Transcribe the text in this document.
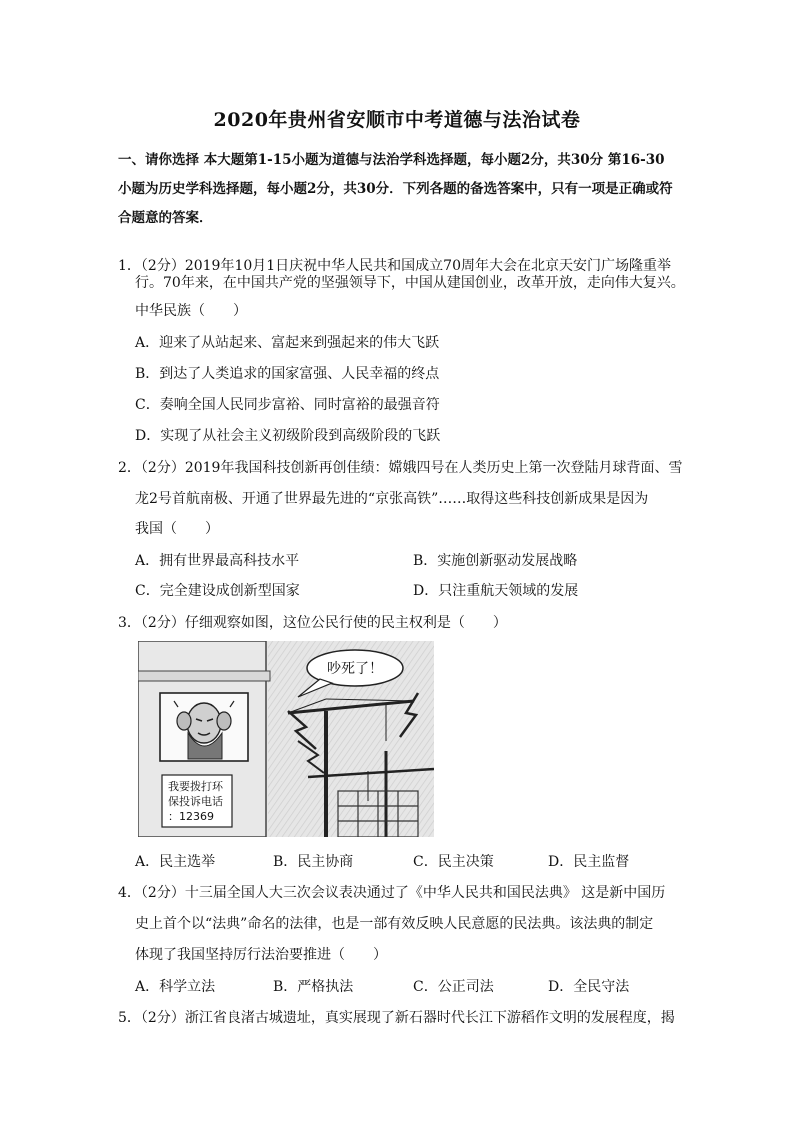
2020年贵州省安顺市中考道德与法治试卷
一、请你选择 本大题第1-15小题为道德与法治学科选择题，每小题2分，共30分 第16-30小题为历史学科选择题，每小题2分，共30分．下列各题的备选答案中，只有一项是正确或符合题意的答案．
1．（2分）2019年10月1日庆祝中华人民共和国成立70周年大会在北京天安门广场隆重举
行。70年来，在中国共产党的坚强领导下，中国从建国创业，改革开放，走向伟大复兴。
中华民族（　　）
A．迎来了从站起来、富起来到强起来的伟大飞跃
B．到达了人类追求的国家富强、人民幸福的终点
C．奏响全国人民同步富裕、同时富裕的最强音符
D．实现了从社会主义初级阶段到高级阶段的飞跃
2．（2分）2019年我国科技创新再创佳绩：嫦娥四号在人类历史上第一次登陆月球背面、雪
龙2号首航南极、开通了世界最先进的“京张高铁”……取得这些科技创新成果是因为
我国（　　）
A．拥有世界最高科技水平	B．实施创新驱动发展战略
C．完全建设成创新型国家	D．只注重航天领域的发展
3．（2分）仔细观察如图，这位公民行使的民主权利是（　　）
我要拨打环
保投诉电话
：12369
吵死了！
A．民主选举	B．民主协商	C．民主决策	D．民主监督
4．（2分）十三届全国人大三次会议表决通过了《中华人民共和国民法典》 这是新中国历
史上首个以“法典”命名的法律，也是一部有效反映人民意愿的民法典。该法典的制定
体现了我国坚持厉行法治要推进（　　）
A．科学立法	B．严格执法	C．公正司法	D．全民守法
5．（2分）浙江省良渚古城遗址，真实展现了新石器时代长江下游稻作文明的发展程度，揭
